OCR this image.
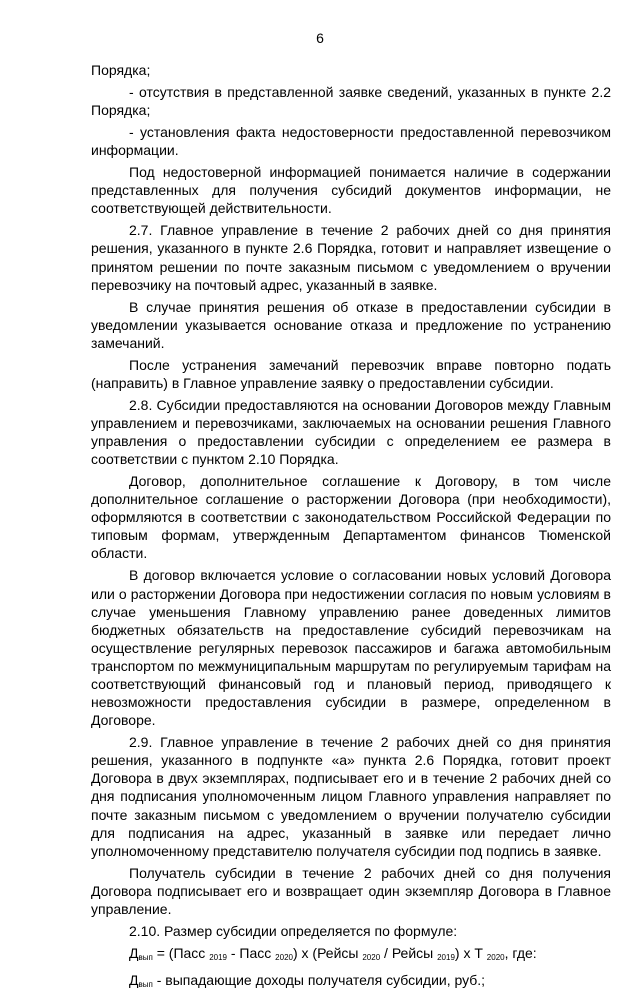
6

Порядка;

- отсутствия в представленной заявке сведений, указанных в пункте 2.2 Порядка;

- установления факта недостоверности предоставленной перевозчиком информации.

Под недостоверной информацией понимается наличие в содержании представленных для получения субсидий документов информации, не соответствующей действительности.

2.7. Главное управление в течение 2 рабочих дней со дня принятия решения, указанного в пункте 2.6 Порядка, готовит и направляет извещение о принятом решении по почте заказным письмом с уведомлением о вручении перевозчику на почтовый адрес, указанный в заявке.

В случае принятия решения об отказе в предоставлении субсидии в уведомлении указывается основание отказа и предложение по устранению замечаний.

После устранения замечаний перевозчик вправе повторно подать (направить) в Главное управление заявку о предоставлении субсидии.

2.8. Субсидии предоставляются на основании Договоров между Главным управлением и перевозчиками, заключаемых на основании решения Главного управления о предоставлении субсидии с определением ее размера в соответствии с пунктом 2.10 Порядка.

Договор, дополнительное соглашение к Договору, в том числе дополнительное соглашение о расторжении Договора (при необходимости), оформляются в соответствии с законодательством Российской Федерации по типовым формам, утвержденным Департаментом финансов Тюменской области.

В договор включается условие о согласовании новых условий Договора или о расторжении Договора при недостижении согласия по новым условиям в случае уменьшения Главному управлению ранее доведенных лимитов бюджетных обязательств на предоставление субсидий перевозчикам на осуществление регулярных перевозок пассажиров и багажа автомобильным транспортом по межмуниципальным маршрутам по регулируемым тарифам на соответствующий финансовый год и плановый период, приводящего к невозможности предоставления субсидии в размере, определенном в Договоре.

2.9. Главное управление в течение 2 рабочих дней со дня принятия решения, указанного в подпункте «а» пункта 2.6 Порядка, готовит проект Договора в двух экземплярах, подписывает его и в течение 2 рабочих дней со дня подписания уполномоченным лицом Главного управления направляет по почте заказным письмом с уведомлением о вручении получателю субсидии для подписания на адрес, указанный в заявке или передает лично уполномоченному представителю получателя субсидии под подпись в заявке.

Получатель субсидии в течение 2 рабочих дней со дня получения Договора подписывает его и возвращает один экземпляр Договора в Главное управление.

2.10. Размер субсидии определяется по формуле:

$Д_{вып}$ = (Пасс $_{2019}$ - Пасс $_{2020}$) х (Рейсы $_{2020}$ / Рейсы $_{2019}$) х Т $_{2020}$, где:
$Д_{вып}$ - выпадающие доходы получателя субсидии, руб.;
